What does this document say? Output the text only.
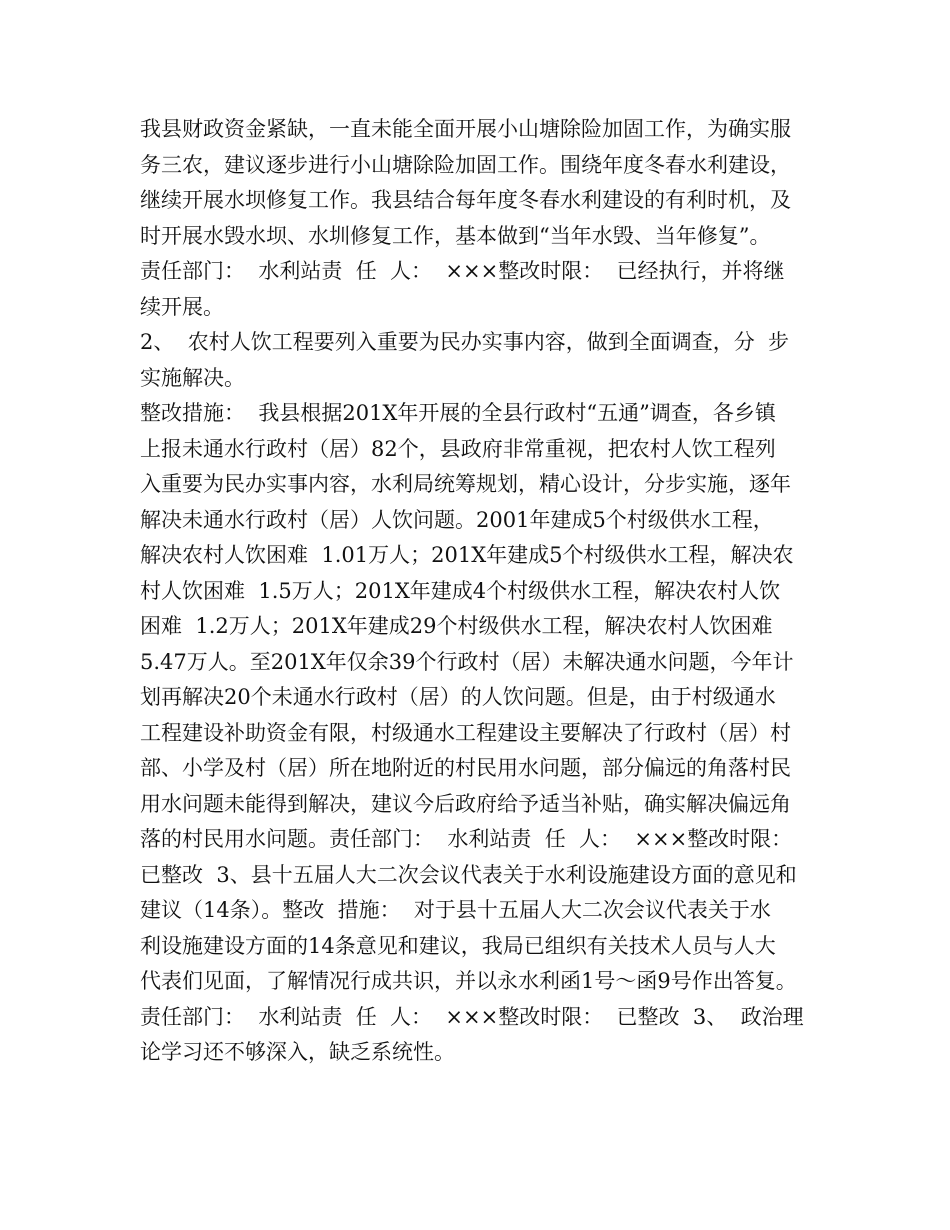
我县财政资金紧缺，一直未能全面开展小山塘除险加固工作，为确实服
务三农，建议逐步进行小山塘除险加固工作。围绕年度冬春水利建设，
继续开展水坝修复工作。我县结合每年度冬春水利建设的有利时机，及
时开展水毁水坝、水圳修复工作，基本做到“当年水毁、当年修复”。
责任部门：  水利站责  任  人：  ×××整改时限：  已经执行，并将继
续开展。
2、  农村人饮工程要列入重要为民办实事内容，做到全面调查，分  步
实施解决。
整改措施：  我县根据201X年开展的全县行政村“五通”调查，各乡镇
上报未通水行政村（居）82个，县政府非常重视，把农村人饮工程列
入重要为民办实事内容，水利局统筹规划，精心设计，分步实施，逐年
解决未通水行政村（居）人饮问题。2001年建成5个村级供水工程，
解决农村人饮困难  1.01万人；201X年建成5个村级供水工程，解决农
村人饮困难  1.5万人；201X年建成4个村级供水工程，解决农村人饮
困难  1.2万人；201X年建成29个村级供水工程，解决农村人饮困难
5.47万人。至201X年仅余39个行政村（居）未解决通水问题，今年计
划再解决20个未通水行政村（居）的人饮问题。但是，由于村级通水
工程建设补助资金有限，村级通水工程建设主要解决了行政村（居）村
部、小学及村（居）所在地附近的村民用水问题，部分偏远的角落村民
用水问题未能得到解决，建议今后政府给予适当补贴，确实解决偏远角
落的村民用水问题。责任部门：  水利站责  任  人：  ×××整改时限：
已整改  3、县十五届人大二次会议代表关于水利设施建设方面的意见和
建议（14条）。整改  措施：  对于县十五届人大二次会议代表关于水
利设施建设方面的14条意见和建议，我局已组织有关技术人员与人大
代表们见面，了解情况行成共识，并以永水利函1号～函9号作出答复。
责任部门：  水利站责  任  人：  ×××整改时限：  已整改  3、  政治理
论学习还不够深入，缺乏系统性。
